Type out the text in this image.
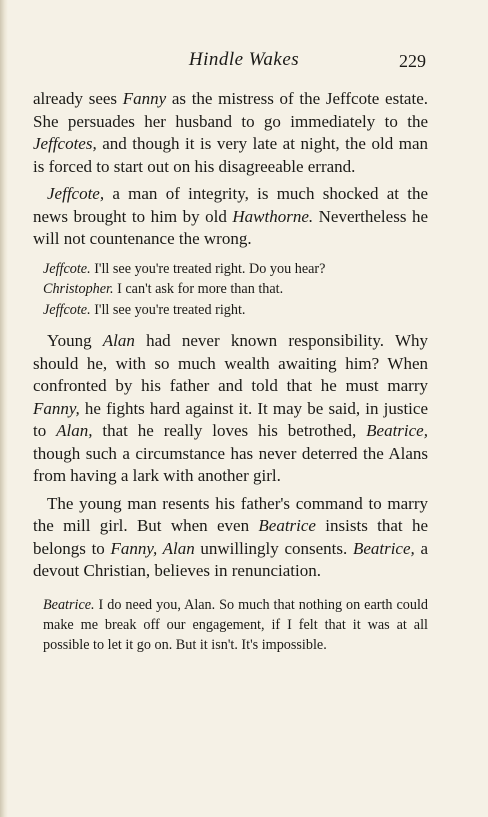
Hindle Wakes	229

already sees Fanny as the mistress of the Jeffcote estate. She persuades her husband to go immediately to the Jeffcotes, and though it is very late at night, the old man is forced to start out on his disagreeable errand.

Jeffcote, a man of integrity, is much shocked at the news brought to him by old Hawthorne. Nevertheless he will not countenance the wrong.

Jeffcote. I'll see you're treated right. Do you hear?
Christopher. I can't ask for more than that.
Jeffcote. I'll see you're treated right.

Young Alan had never known responsibility. Why should he, with so much wealth awaiting him? When confronted by his father and told that he must marry Fanny, he fights hard against it. It may be said, in justice to Alan, that he really loves his betrothed, Beatrice, though such a circumstance has never deterred the Alans from having a lark with another girl.

The young man resents his father's command to marry the mill girl. But when even Beatrice insists that he belongs to Fanny, Alan unwillingly consents. Beatrice, a devout Christian, believes in renunciation.

Beatrice. I do need you, Alan. So much that nothing on earth could make me break off our engagement, if I felt that it was at all possible to let it go on. But it isn't. It's impossible.
